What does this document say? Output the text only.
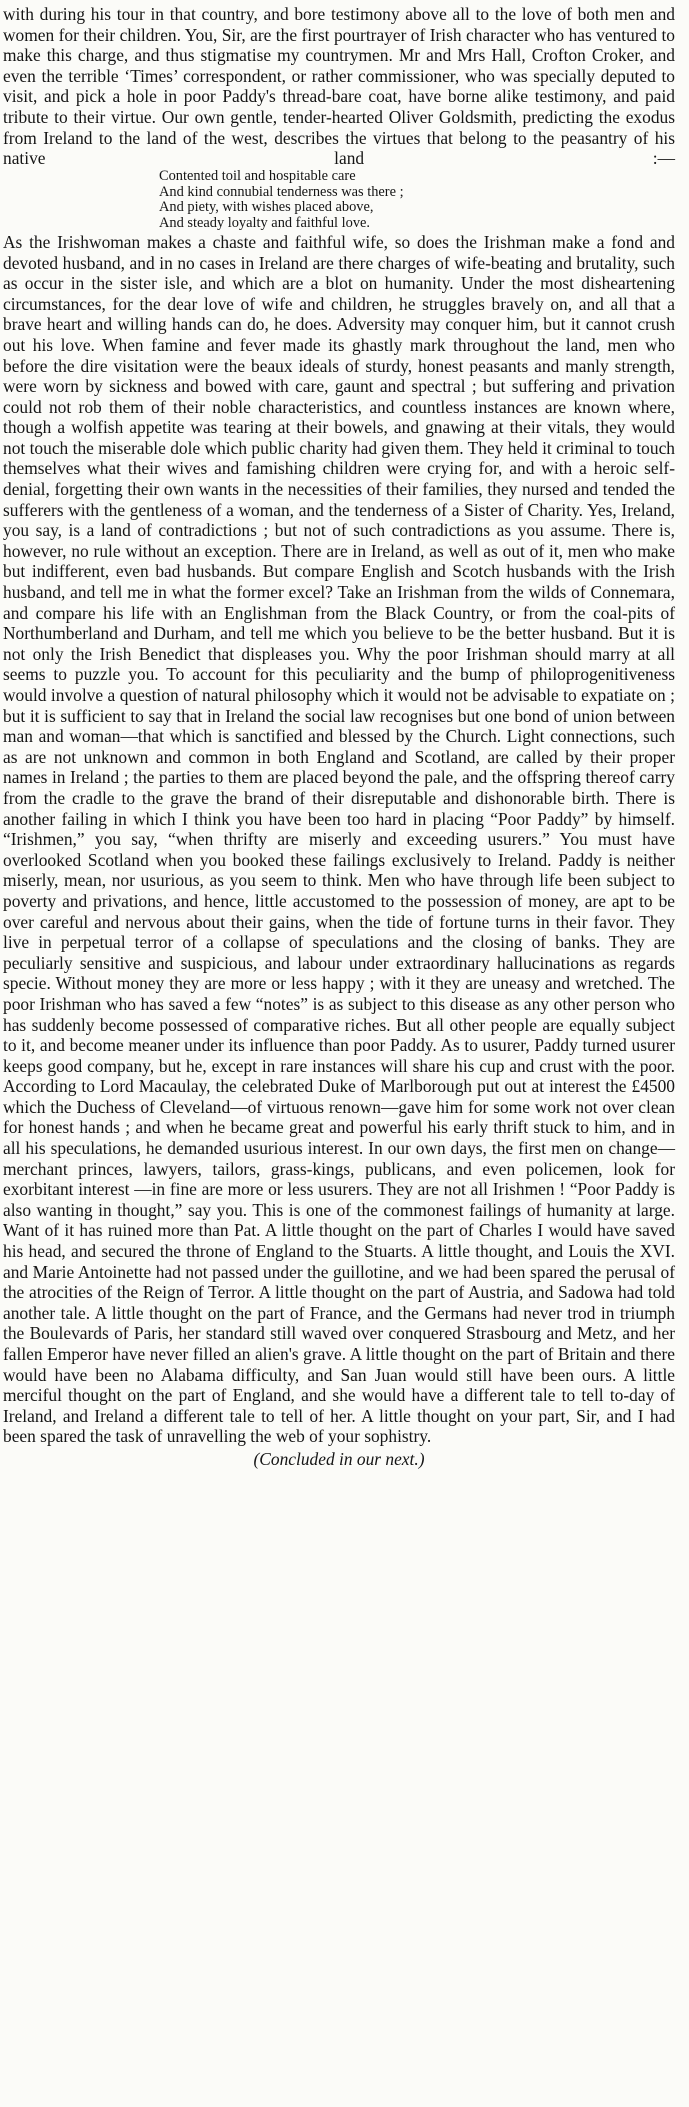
with during his tour in that country, and bore testimony above all to the love of both men and women for their children. You, Sir, are the first pourtrayer of Irish character who has ventured to make this charge, and thus stigmatise my countrymen. Mr and Mrs Hall, Crofton Croker, and even the terrible ‘Times’ correspondent, or rather commissioner, who was specially deputed to visit, and pick a hole in poor Paddy's thread-bare coat, have borne alike testimony, and paid tribute to their virtue. Our own gentle, tender-hearted Oliver Goldsmith, predicting the exodus from Ireland to the land of the west, describes the virtues that belong to the peasantry of his native land :—

Contented toil and hospitable care
And kind connubial tenderness was there ;
And piety, with wishes placed above,
And steady loyalty and faithful love.

As the Irishwoman makes a chaste and faithful wife, so does the Irishman make a fond and devoted husband, and in no cases in Ireland are there charges of wife-beating and brutality, such as occur in the sister isle, and which are a blot on humanity. Under the most disheartening circumstances, for the dear love of wife and children, he struggles bravely on, and all that a brave heart and willing hands can do, he does. Adversity may conquer him, but it cannot crush out his love. When famine and fever made its ghastly mark throughout the land, men who before the dire visitation were the beaux ideals of sturdy, honest peasants and manly strength, were worn by sickness and bowed with care, gaunt and spectral ; but suffering and privation could not rob them of their noble characteristics, and countless instances are known where, though a wolfish appetite was tearing at their bowels, and gnawing at their vitals, they would not touch the miserable dole which public charity had given them. They held it criminal to touch themselves what their wives and famishing children were crying for, and with a heroic self-denial, forgetting their own wants in the necessities of their families, they nursed and tended the sufferers with the gentleness of a woman, and the tenderness of a Sister of Charity. Yes, Ireland, you say, is a land of contradictions ; but not of such contradictions as you assume. There is, however, no rule without an exception. There are in Ireland, as well as out of it, men who make but indifferent, even bad husbands. But compare English and Scotch husbands with the Irish husband, and tell me in what the former excel? Take an Irishman from the wilds of Connemara, and compare his life with an Englishman from the Black Country, or from the coal-pits of Northumberland and Durham, and tell me which you believe to be the better husband. But it is not only the Irish Benedict that displeases you. Why the poor Irishman should marry at all seems to puzzle you. To account for this peculiarity and the bump of philoprogenitiveness would involve a question of natural philosophy which it would not be advisable to expatiate on ; but it is sufficient to say that in Ireland the social law recognises but one bond of union between man and woman—that which is sanctified and blessed by the Church. Light connections, such as are not unknown and common in both England and Scotland, are called by their proper names in Ireland ; the parties to them are placed beyond the pale, and the offspring thereof carry from the cradle to the grave the brand of their disreputable and dishonorable birth. There is another failing in which I think you have been too hard in placing “Poor Paddy” by himself. “Irishmen,” you say, “when thrifty are miserly and exceeding usurers.” You must have overlooked Scotland when you booked these failings exclusively to Ireland. Paddy is neither miserly, mean, nor usurious, as you seem to think. Men who have through life been subject to poverty and privations, and hence, little accustomed to the possession of money, are apt to be over careful and nervous about their gains, when the tide of fortune turns in their favor. They live in perpetual terror of a collapse of speculations and the closing of banks. They are peculiarly sensitive and suspicious, and labour under extraordinary hallucinations as regards specie. Without money they are more or less happy ; with it they are uneasy and wretched. The poor Irishman who has saved a few “notes” is as subject to this disease as any other person who has suddenly become possessed of comparative riches. But all other people are equally subject to it, and become meaner under its influence than poor Paddy. As to usurer, Paddy turned usurer keeps good company, but he, except in rare instances will share his cup and crust with the poor. According to Lord Macaulay, the celebrated Duke of Marlborough put out at interest the £4500 which the Duchess of Cleveland—of virtuous renown—gave him for some work not over clean for honest hands ; and when he became great and powerful his early thrift stuck to him, and in all his speculations, he demanded usurious interest. In our own days, the first men on change—merchant princes, lawyers, tailors, grass-kings, publicans, and even policemen, look for exorbitant interest —in fine are more or less usurers. They are not all Irishmen ! “Poor Paddy is also wanting in thought,” say you. This is one of the commonest failings of humanity at large. Want of it has ruined more than Pat. A little thought on the part of Charles I would have saved his head, and secured the throne of England to the Stuarts. A little thought, and Louis the XVI. and Marie Antoinette had not passed under the guillotine, and we had been spared the perusal of the atrocities of the Reign of Terror. A little thought on the part of Austria, and Sadowa had told another tale. A little thought on the part of France, and the Germans had never trod in triumph the Boulevards of Paris, her standard still waved over conquered Strasbourg and Metz, and her fallen Emperor have never filled an alien's grave. A little thought on the part of Britain and there would have been no Alabama difficulty, and San Juan would still have been ours. A little merciful thought on the part of England, and she would have a different tale to tell to-day of Ireland, and Ireland a different tale to tell of her. A little thought on your part, Sir, and I had been spared the task of unravelling the web of your sophistry.

(Concluded in our next.)
